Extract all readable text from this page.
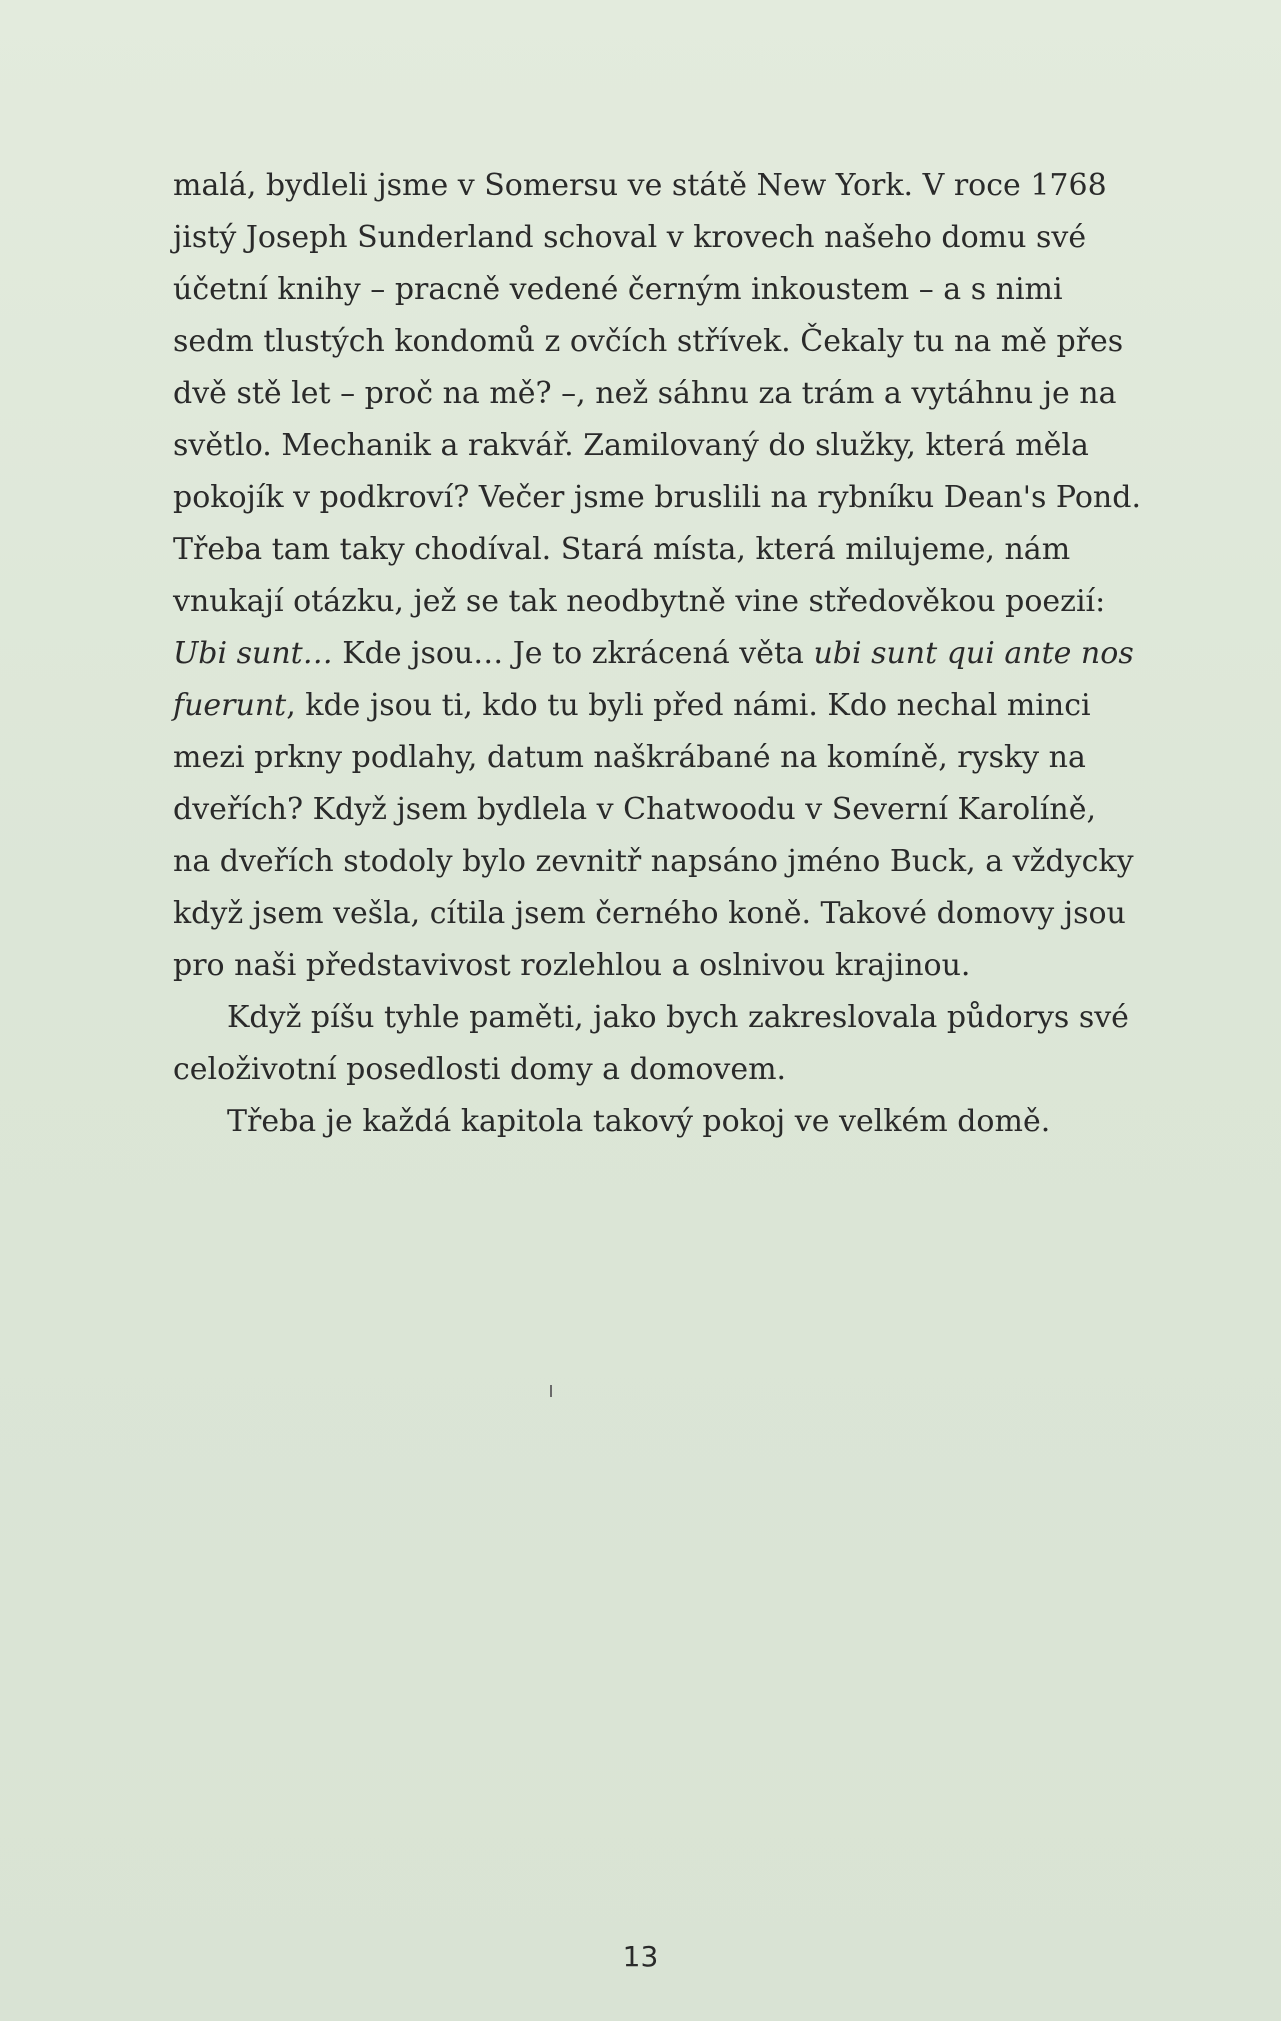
malá, bydleli jsme v Somersu ve státě New York. V roce 1768
jistý Joseph Sunderland schoval v krovech našeho domu své
účetní knihy – pracně vedené černým inkoustem – a s nimi
sedm tlustých kondomů z ovčích střívek. Čekaly tu na mě přes
dvě stě let – proč na mě? –, než sáhnu za trám a vytáhnu je na
světlo. Mechanik a rakvář. Zamilovaný do služky, která měla
pokojík v podkroví? Večer jsme bruslili na rybníku Dean's Pond.
Třeba tam taky chodíval. Stará místa, která milujeme, nám
vnukají otázku, jež se tak neodbytně vine středověkou poezií:
Ubi sunt… Kde jsou… Je to zkrácená věta ubi sunt qui ante nos
fuerunt, kde jsou ti, kdo tu byli před námi. Kdo nechal minci
mezi prkny podlahy, datum naškrábané na komíně, rysky na
dveřích? Když jsem bydlela v Chatwoodu v Severní Karolíně,
na dveřích stodoly bylo zevnitř napsáno jméno Buck, a vždycky
když jsem vešla, cítila jsem černého koně. Takové domovy jsou
pro naši představivost rozlehlou a oslnivou krajinou.
Když píšu tyhle paměti, jako bych zakreslovala půdorys své
celoživotní posedlosti domy a domovem.
Třeba je každá kapitola takový pokoj ve velkém domě.
13
